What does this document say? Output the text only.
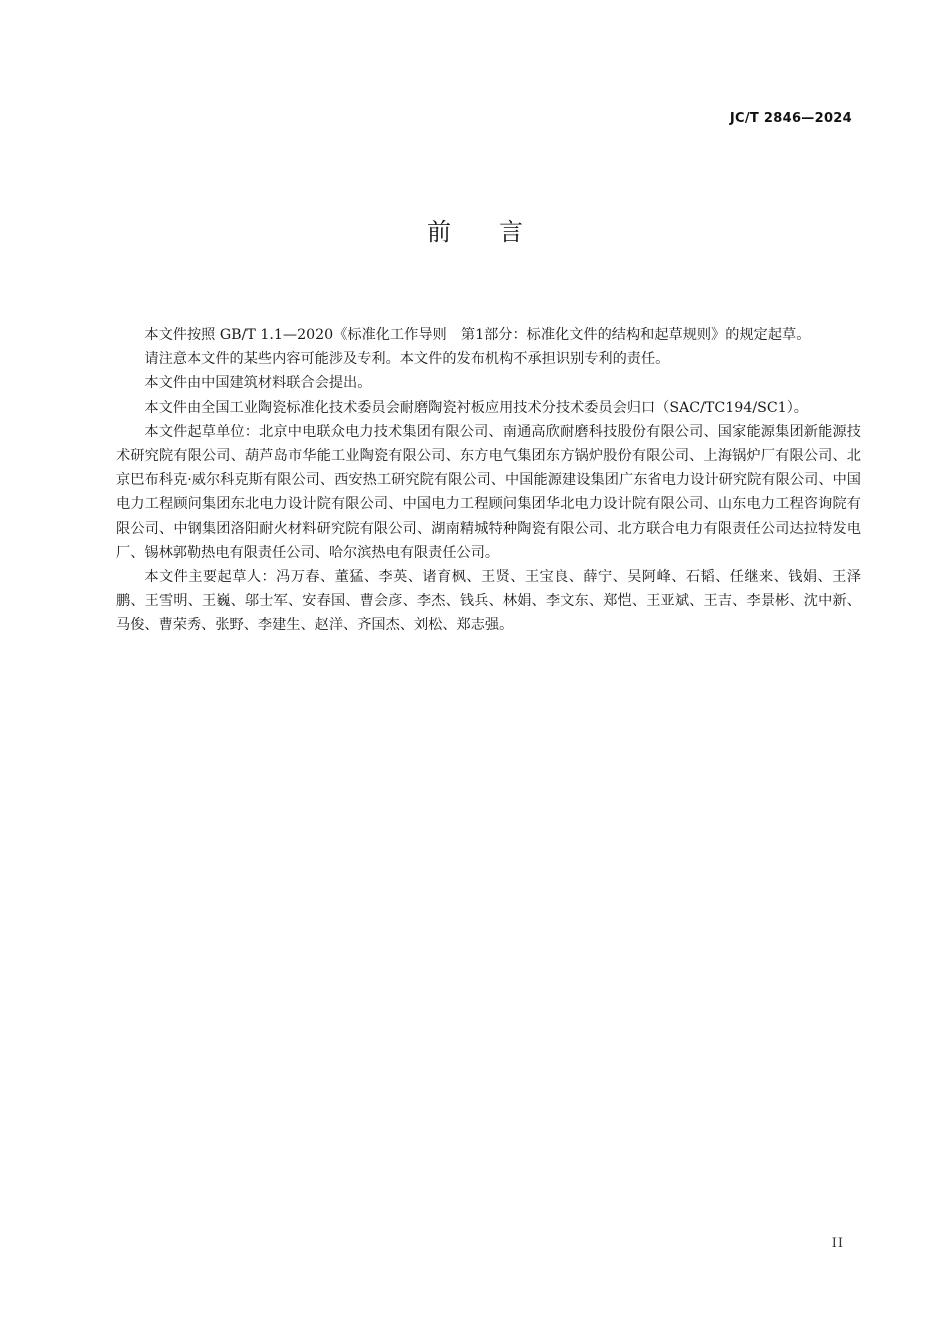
JC/T 2846—2024
前言

本文件按照 GB/T 1.1—2020《标准化工作导则　第1部分：标准化文件的结构和起草规则》的规定起草。

请注意本文件的某些内容可能涉及专利。本文件的发布机构不承担识别专利的责任。

本文件由中国建筑材料联合会提出。

本文件由全国工业陶瓷标准化技术委员会耐磨陶瓷衬板应用技术分技术委员会归口（SAC/TC194/SC1）。

本文件起草单位：北京中电联众电力技术集团有限公司、南通高欣耐磨科技股份有限公司、国家能源集团新能源技术研究院有限公司、葫芦岛市华能工业陶瓷有限公司、东方电气集团东方锅炉股份有限公司、上海锅炉厂有限公司、北京巴布科克·威尔科克斯有限公司、西安热工研究院有限公司、中国能源建设集团广东省电力设计研究院有限公司、中国电力工程顾问集团东北电力设计院有限公司、中国电力工程顾问集团华北电力设计院有限公司、山东电力工程咨询院有限公司、中钢集团洛阳耐火材料研究院有限公司、湖南精城特种陶瓷有限公司、北方联合电力有限责任公司达拉特发电厂、锡林郭勒热电有限责任公司、哈尔滨热电有限责任公司。

本文件主要起草人：冯万春、董猛、李英、诸育枫、王贤、王宝良、薛宁、吴阿峰、石韬、任继来、钱娟、王泽鹏、王雪明、王巍、邬士军、安春国、曹会彦、李杰、钱兵、林娟、李文东、郑恺、王亚斌、王吉、李景彬、沈中新、马俊、曹荣秀、张野、李建生、赵洋、齐国杰、刘松、郑志强。

II
